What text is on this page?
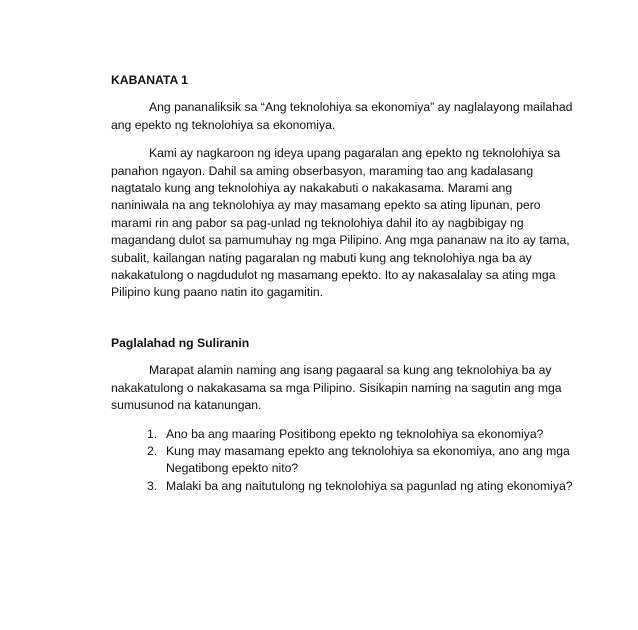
KABANATA 1

Ang pananaliksik sa “Ang teknolohiya sa ekonomiya” ay naglalayong mailahad ang epekto ng teknolohiya sa ekonomiya.

Kami ay nagkaroon ng ideya upang pagaralan ang epekto ng teknolohiya sa panahon ngayon. Dahil sa aming obserbasyon, maraming tao ang kadalasang nagtatalo kung ang teknolohiya ay nakakabuti o nakakasama. Marami ang naniniwala na ang teknolohiya ay may masamang epekto sa ating lipunan, pero marami rin ang pabor sa pag-unlad ng teknolohiya dahil ito ay nagbibigay ng magandang dulot sa pamumuhay ng mga Pilipino. Ang mga pananaw na ito ay tama, subalit, kailangan nating pagaralan ng mabuti kung ang teknolohiya nga ba ay nakakatulong o nagdudulot ng masamang epekto. Ito ay nakasalalay sa ating mga Pilipino kung paano natin ito gagamitin.

Paglalahad ng Suliranin

Marapat alamin naming ang isang pagaaral sa kung ang teknolohiya ba ay nakakatulong o nakakasama sa mga Pilipino. Sisikapin naming na sagutin ang mga sumusunod na katanungan.

1. Ano ba ang maaring Positibong epekto ng teknolohiya sa ekonomiya?
2. Kung may masamang epekto ang teknolohiya sa ekonomiya, ano ang mga Negatibong epekto nito?
3. Malaki ba ang naitutulong ng teknolohiya sa pagunlad ng ating ekonomiya?
